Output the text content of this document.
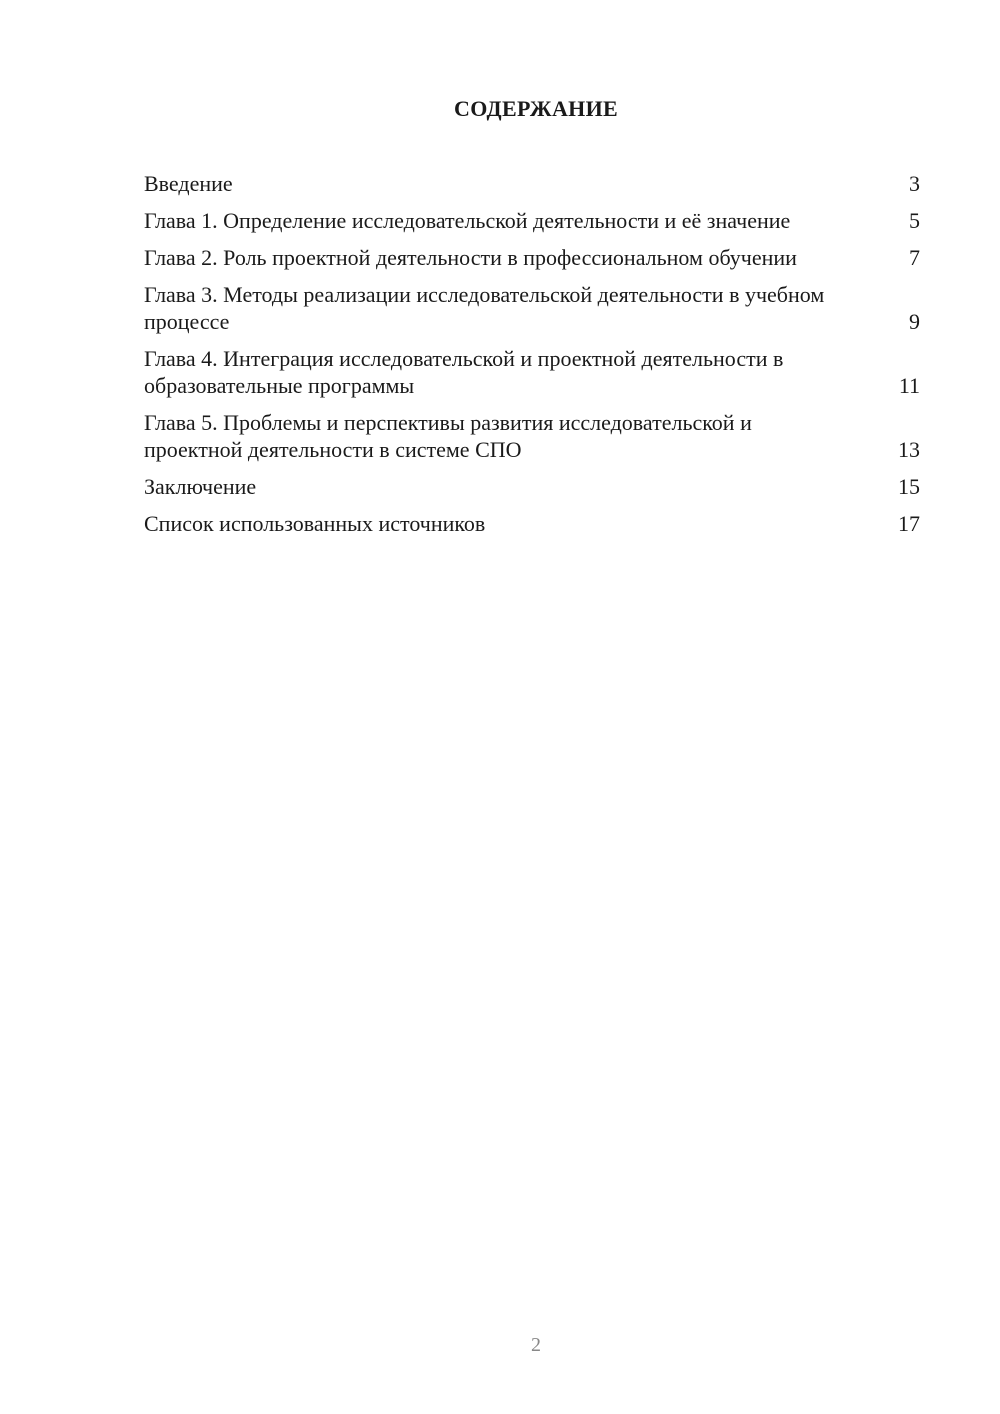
СОДЕРЖАНИЕ
Введение	3
Глава 1. Определение исследовательской деятельности и её значение	5
Глава 2. Роль проектной деятельности в профессиональном обучении	7
Глава 3. Методы реализации исследовательской деятельности в учебном процессе	9
Глава 4. Интеграция исследовательской и проектной деятельности в образовательные программы	11
Глава 5. Проблемы и перспективы развития исследовательской и проектной деятельности в системе СПО	13
Заключение	15
Список использованных источников	17
2
